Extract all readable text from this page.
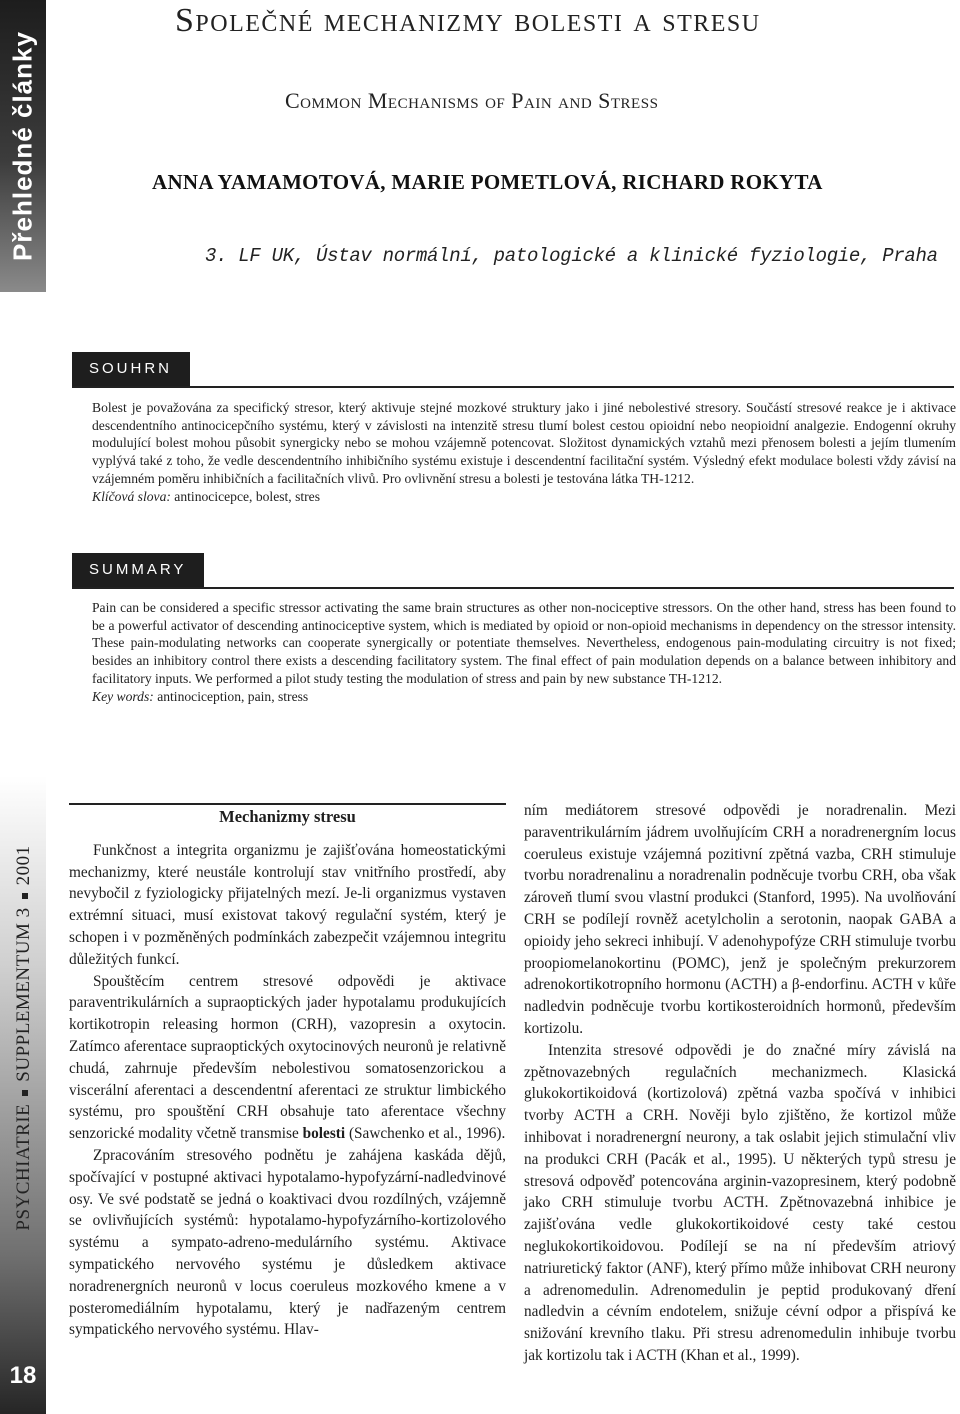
Přehledné články
PSYCHIATRIESUPPLEMENTUM 32001
18
Společné mechanizmy bolesti a stresu
Common Mechanisms of Pain and Stress
ANNA YAMAMOTOVÁ, MARIE POMETLOVÁ, RICHARD ROKYTA
3. LF UK, Ústav normální, patologické a klinické fyziologie, Praha
SOUHRN

Bolest je považována za specifický stresor, který aktivuje stejné mozkové struktury jako i jiné nebolestivé stresory. Součástí stresové reakce je i aktivace descendentního antinocicepčního systému, který v závislosti na intenzitě stresu tlumí bolest cestou opioidní nebo neopioidní analgezie. Endogenní okruhy modulující bolest mohou působit synergicky nebo se mohou vzájemně potencovat. Složitost dynamických vztahů mezi přenosem bolesti a jejím tlumením vyplývá také z toho, že vedle descendentního inhibičního systému existuje i descendentní facilitační systém. Výsledný efekt modulace bolesti vždy závisí na vzájemném poměru inhibičních a facilitačních vlivů. Pro ovlivnění stresu a bolesti je testována látka TH-1212.

Klíčová slova: antinocicepce, bolest, stres

SUMMARY

Pain can be considered a specific stressor activating the same brain structures as other non-nociceptive stressors. On the other hand, stress has been found to be a powerful activator of descending antinociceptive system, which is mediated by opioid or non-opioid mechanisms in dependency on the stressor intensity. These pain-modulating networks can cooperate synergically or potentiate themselves. Nevertheless, endogenous pain-modulating circuitry is not fixed; besides an inhibitory control there exists a descending facilitatory system. The final effect of pain modulation depends on a balance between inhibitory and facilitatory inputs. We performed a pilot study testing the modulation of stress and pain by new substance TH-1212.

Key words: antinociception, pain, stress

Mechanizmy stresu

Funkčnost a integrita organizmu je zajišťována homeostatickými mechanizmy, které neustále kontrolují stav vnitřního prostředí, aby nevybočil z fyziologicky přijatelných mezí. Je-li organizmus vystaven extrémní situaci, musí existovat takový regulační systém, který je schopen i v pozměněných podmínkách zabezpečit vzájemnou integritu důležitých funkcí.

Spouštěcím centrem stresové odpovědi je aktivace paraventrikulárních a supraoptických jader hypotalamu produkujících kortikotropin releasing hormon (CRH), vazopresin a oxytocin. Zatímco aferentace supraoptických oxytocinových neuronů je relativně chudá, zahrnuje především nebolestivou somatosenzorickou a viscerální aferentaci a descendentní aferentaci ze struktur limbického systému, pro spouštění CRH obsahuje tato aferentace všechny senzorické modality včetně transmise bolesti (Sawchenko et al., 1996).

Zpracováním stresového podnětu je zahájena kaskáda dějů, spočívající v postupné aktivaci hypotalamo-hypofyzární-nadledvinové osy. Ve své podstatě se jedná o koaktivaci dvou rozdílných, vzájemně se ovlivňujících systémů: hypotalamo-hypofyzárního-kortizolového systému a sympato-adreno-medulárního systému. Aktivace sympatického nervového systému je důsledkem aktivace noradrenergních neuronů v locus coeruleus mozkového kmene a v posteromediálním hypotalamu, který je nadřazeným centrem sympatického nervového systému. Hlav-

ním mediátorem stresové odpovědi je noradrenalin. Mezi paraventrikulárním jádrem uvolňujícím CRH a noradrenergním locus coeruleus existuje vzájemná pozitivní zpětná vazba, CRH stimuluje tvorbu noradrenalinu a noradrenalin podněcuje tvorbu CRH, oba však zároveň tlumí svou vlastní produkci (Stanford, 1995). Na uvolňování CRH se podílejí rovněž acetylcholin a serotonin, naopak GABA a opioidy jeho sekreci inhibují. V adenohypofýze CRH stimuluje tvorbu proopiomelanokortinu (POMC), jenž je společným prekurzorem adrenokortikotropního hormonu (ACTH) a β-endorfinu. ACTH v kůře nadledvin podněcuje tvorbu kortikosteroidních hormonů, především kortizolu.

Intenzita stresové odpovědi je do značné míry závislá na zpětnovazebných regulačních mechanizmech. Klasická glukokortikoidová (kortizolová) zpětná vazba spočívá v inhibici tvorby ACTH a CRH. Nověji bylo zjištěno, že kortizol může inhibovat i noradrenergní neurony, a tak oslabit jejich stimulační vliv na produkci CRH (Pacák et al., 1995). U některých typů stresu je stresová odpověď potencována arginin-vazopresinem, který podobně jako CRH stimuluje tvorbu ACTH. Zpětnovazebná inhibice je zajišťována vedle glukokortikoidové cesty také cestou neglukokortikoidovou. Podílejí se na ní především atriový natriuretický faktor (ANF), který přímo může inhibovat CRH neurony a adrenomedulin. Adrenomedulin je peptid produkovaný dření nadledvin a cévním endotelem, snižuje cévní odpor a přispívá ke snižování krevního tlaku. Při stresu adrenomedulin inhibuje tvorbu jak kortizolu tak i ACTH (Khan et al., 1999).
